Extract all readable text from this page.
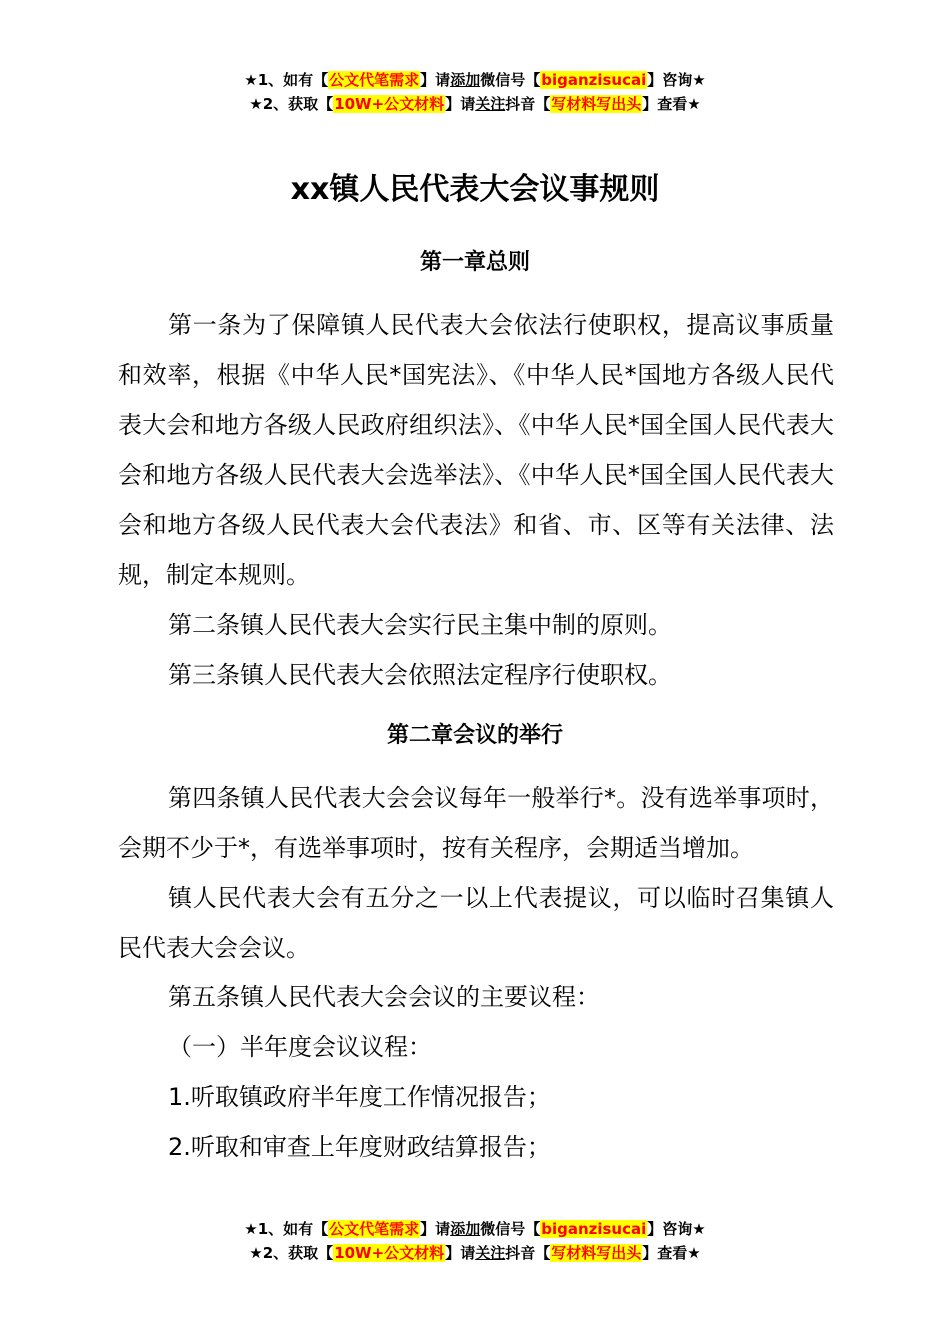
★1、如有【公文代笔需求】请添加微信号【biganzisucai】咨询★
★2、获取【10W+公文材料】请关注抖音【写材料写出头】查看★
xx镇人民代表大会议事规则
第一章总则

第一条为了保障镇人民代表大会依法行使职权，提高议事质量和效率，根据《中华人民*国宪法》、《中华人民*国地方各级人民代表大会和地方各级人民政府组织法》、《中华人民*国全国人民代表大会和地方各级人民代表大会选举法》、《中华人民*国全国人民代表大会和地方各级人民代表大会代表法》和省、市、区等有关法律、法规，制定本规则。

第二条镇人民代表大会实行民主集中制的原则。

第三条镇人民代表大会依照法定程序行使职权。

第二章会议的举行

第四条镇人民代表大会会议每年一般举行*。没有选举事项时，会期不少于*，有选举事项时，按有关程序，会期适当增加。

镇人民代表大会有五分之一以上代表提议，可以临时召集镇人民代表大会会议。

第五条镇人民代表大会会议的主要议程：

（一）半年度会议议程：

1.听取镇政府半年度工作情况报告；

2.听取和审查上年度财政结算报告；

★1、如有【公文代笔需求】请添加微信号【biganzisucai】咨询★
★2、获取【10W+公文材料】请关注抖音【写材料写出头】查看★
